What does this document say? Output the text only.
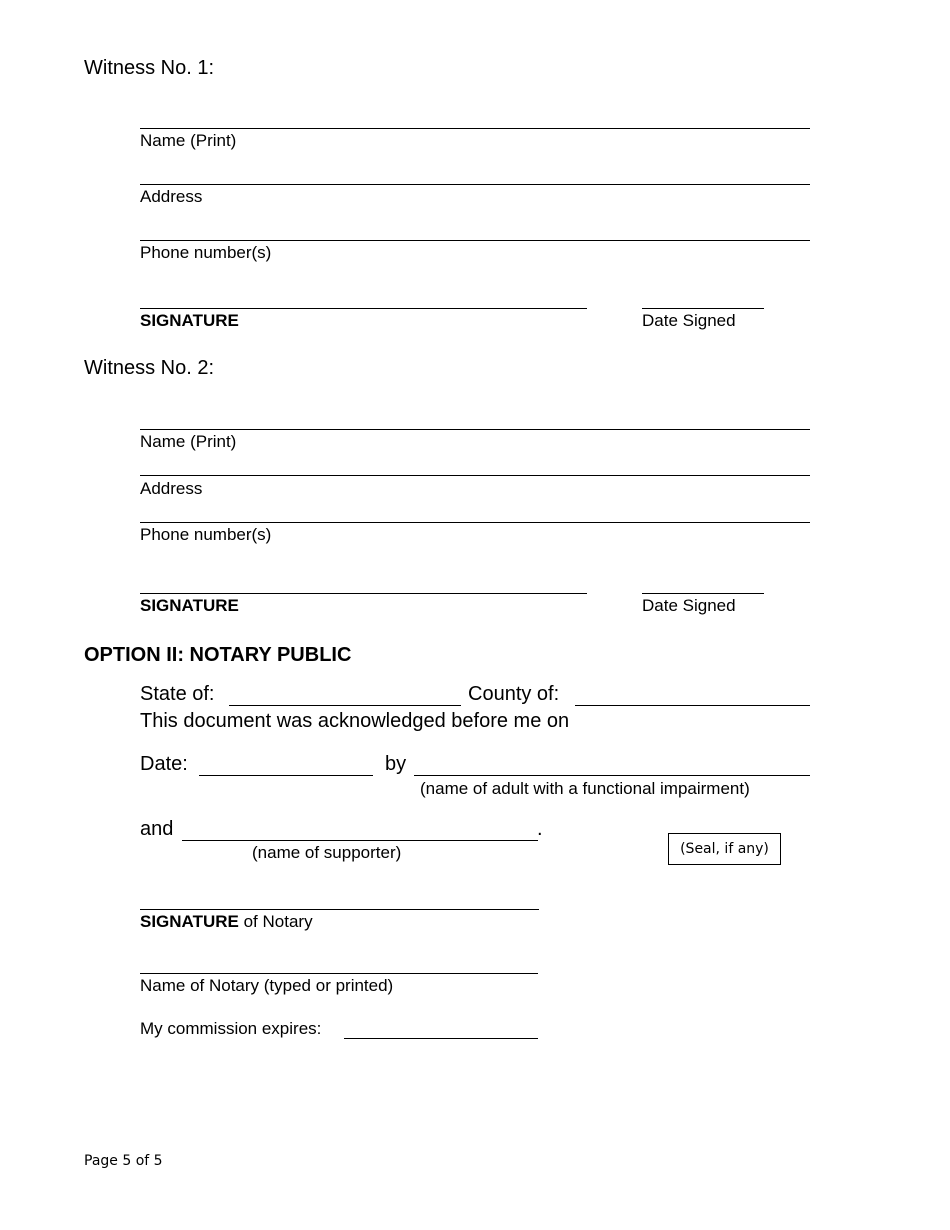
Witness No. 1:
Name (Print)
Address
Phone number(s)
SIGNATURE	Date Signed
Witness No. 2:
Name (Print)
Address
Phone number(s)
SIGNATURE	Date Signed
OPTION II: NOTARY PUBLIC
State of:	County of:
This document was acknowledged before me on
Date:	by
(name of adult with a functional impairment)
and	.
(name of supporter)	(Seal, if any)
SIGNATURE of Notary
Name of Notary (typed or printed)
My commission expires:
Page 5 of 5
